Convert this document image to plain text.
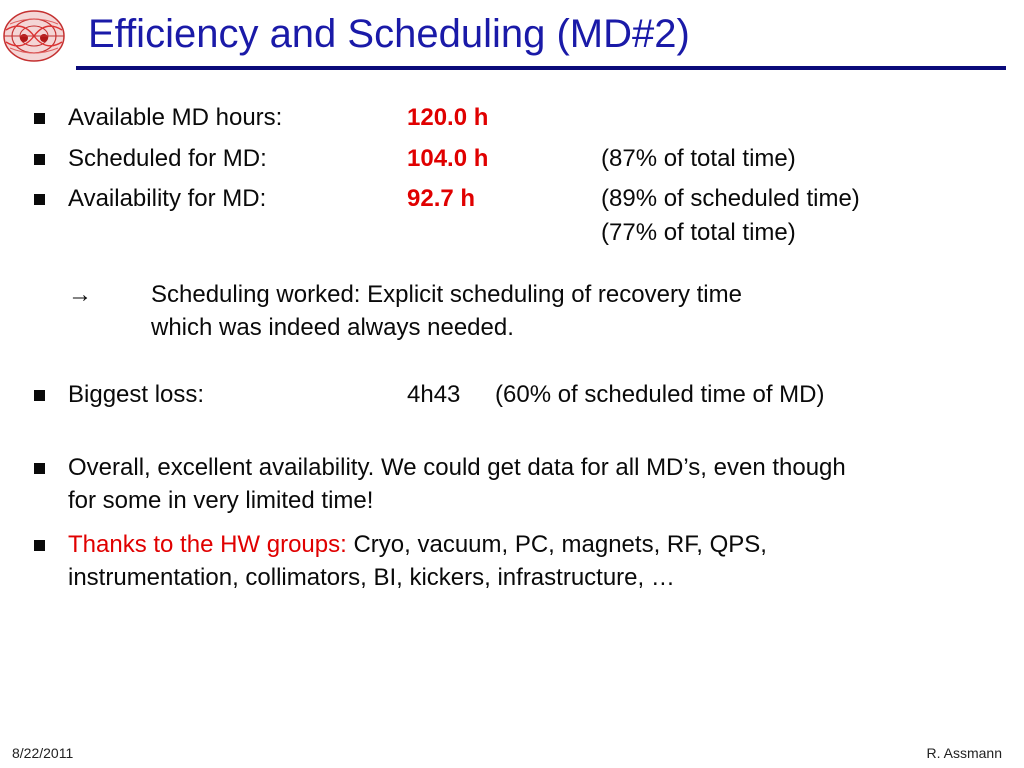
Efficiency and Scheduling (MD#2)
Available MD hours:	120.0 h
Scheduled for MD:	104.0 h	(87% of total time)
Availability for MD:	92.7 h	(89% of scheduled time)
(77% of total time)
→ Scheduling worked: Explicit scheduling of recovery time
which was indeed always needed.
Biggest loss:	4h43 (60% of scheduled time of MD)
Overall, excellent availability. We could get data for all MD’s, even though
for some in very limited time!
Thanks to the HW groups: Cryo, vacuum, PC, magnets, RF, QPS,
instrumentation, collimators, BI, kickers, infrastructure, …
8/22/2011	R. Assmann
